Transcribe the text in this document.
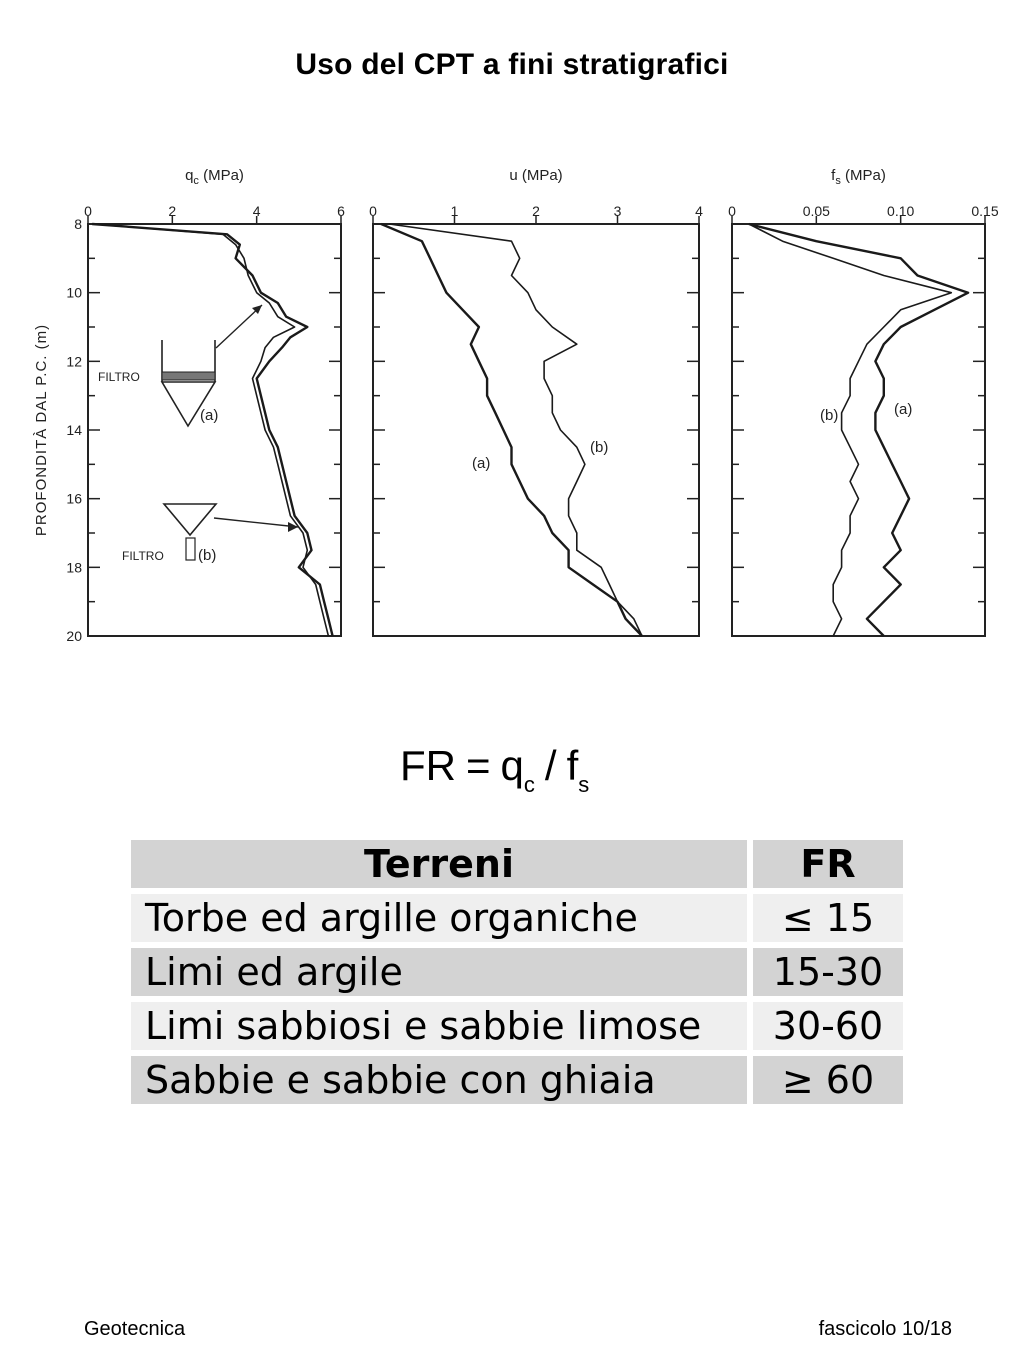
Uso del CPT a fini stratigrafici
$q_c$ (MPa)
0	2	4	6
u (MPa)
0	1	2	3	4
$f_s$ (MPa)
0	0.05	0.10	0.15
8
10
12
14
16
18
20
PROFONDITÀ DAL P.C. (m)	FILTRO
(a)
FILTRO (b)
(a)
(b)
(b)	(a)
FR = $q_c / f_s$
Terreni	FR
Torbe ed argille organiche	≤ 15
Limi ed argile	15-30
Limi sabbiosi e sabbie limose	30-60
Sabbie e sabbie con ghiaia	≥ 60
Geotecnica	fascicolo 10/18
